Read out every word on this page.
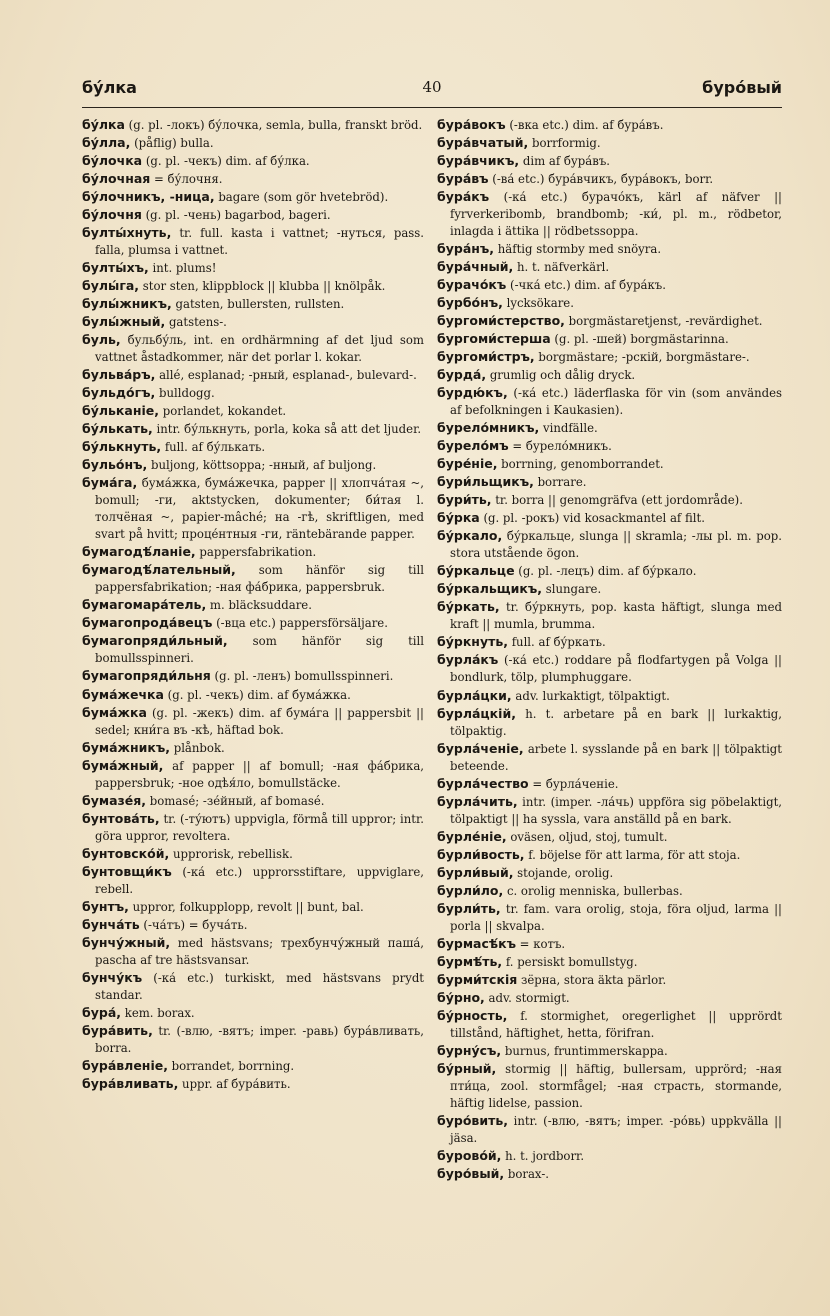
бу́лка	40	буро́вый

бу́лка (g. pl. -локъ) бу́лочка, semla, bulla, franskt bröd.

бу́лла, (påflig) bulla.

бу́лочка (g. pl. -чекъ) dim. af бу́лка.

бу́лочная = бу́лочня.

бу́лочникъ, -ница, bagare (som gör hvetebröd).

бу́лочня (g. pl. -чень) bagarbod, bageri.

булты́хнуть, tr. full. kasta i vattnet; -нуться, pass. falla, plumsa i vattnet.

булты́хъ, int. plums!

булы́га, stor sten, klippblock || klubba || knölpåk.

булы́жникъ, gatsten, bullersten, rullsten.

булы́жный, gatstens-.

буль, бульбу́ль, int. en ordhärmning af det ljud som vattnet åstadkommer, när det porlar l. kokar.

бульва́ръ, allé, esplanad; -рный, esplanad-, bulevard-.

бульдо́гъ, bulldogg.

бу́льканіе, porlandet, kokandet.

бу́лькать, intr. бу́лькнуть, porla, koka så att det ljuder.

бу́лькнуть, full. af бу́лькать.

бульо́нъ, buljong, köttsoppa; -нный, af buljong.

бума́га, бума́жка, бума́жечка, papper || хлопча́тая ~, bomull; -ги, aktstycken, dokumenter; би́тая l. толчёная ~, papier-mâché; на -гѣ, skriftligen, med svart på hvitt; проце́нтныя -ги, räntebärande papper.

бумагодѣ́ланіе, pappersfabrikation.

бумагодѣ́лательный, som hänför sig till pappersfabrikation; -ная фа́брика, pappersbruk.

бумагомара́тель, m. bläcksuddare.

бумагопрода́вецъ (-вца etc.) pappersförsäljare.

бумагопряди́льный, som hänför sig till bomullsspinneri.

бумагопряди́льня (g. pl. -ленъ) bomullsspinneri.

бума́жечка (g. pl. -чекъ) dim. af бума́жка.

бума́жка (g. pl. -жекъ) dim. af бума́га || pappersbit || sedel; кни́га въ -кѣ, häftad bok.

бума́жникъ, plånbok.

бума́жный, af papper || af bomull; -ная фа́брика, pappersbruk; -ное одѣя́ло, bomullstäcke.

бумазе́я, bomasé; -зе́йный, af bomasé.

бунтова́ть, tr. (-ту́ютъ) uppvigla, förmå till uppror; intr. göra uppror, revoltera.

бунтовско́й, upprorisk, rebellisk.

бунтовщи́къ (-ка́ etc.) upprorsstiftare, uppviglare, rebell.

бунтъ, uppror, folkupplopp, revolt || bunt, bal.

бунча́ть (-ча́тъ) = буча́ть.

бунчу́жный, med hästsvans; трехбунчу́жный паша́, pascha af tre hästsvansar.

бунчу́къ (-ка́ etc.) turkiskt, med hästsvans prydt standar.

бура́, kem. borax.

бура́вить, tr. (-влю, -вятъ; imper. -равь) бура́вливать, borra.

бура́вленіе, borrandet, borrning.

бура́вливать, uppr. af бура́вить.

бура́вокъ (-вка etc.) dim. af бура́въ.

бура́вчатый, borrformig.

бура́вчикъ, dim af бура́въ.

бура́въ (-ва́ etc.) бура́вчикъ, бура́вокъ, borr.

бура́къ (-ка́ etc.) бурачо́къ, kärl af näfver || fyrverkeribomb, brandbomb; -ки́, pl. m., rödbetor, inlagda i ättika || rödbetssoppa.

бура́нъ, häftig stormby med snöyra.

бура́чный, h. t. näfverkärl.

бурачо́къ (-чка́ etc.) dim. af бура́къ.

бурбо́нъ, lycksökare.

бургоми́стерство, borgmästaretjenst, -revärdighet.

бургоми́стерша (g. pl. -шей) borgmästarinna.

бургоми́стръ, borgmästare; -рскій, borgmästare-.

бурда́, grumlig och dålig dryck.

бурдю́къ, (-ка́ etc.) läderflaska för vin (som användes af befolkningen i Kaukasien).

бурело́мникъ, vindfälle.

бурело́мъ = бурело́мникъ.

буре́ніе, borrning, genomborrandet.

бури́льщикъ, borrare.

бури́ть, tr. borra || genomgräfva (ett jordområde).

бу́рка (g. pl. -рокъ) vid kosackmantel af filt.

бу́ркало, бу́ркальце, slunga || skramla; -лы pl. m. pop. stora utstående ögon.

бу́ркальце (g. pl. -лецъ) dim. af бу́ркало.

бу́ркальщикъ, slungare.

бу́ркать, tr. бу́ркнуть, pop. kasta häftigt, slunga med kraft || mumla, brumma.

бу́ркнуть, full. af бу́ркать.

бурла́къ (-ка́ etc.) roddare på flodfartygen på Volga || bondlurk, tölp, plumphuggare.

бурла́цки, adv. lurkaktigt, tölpaktigt.

бурла́цкій, h. t. arbetare på en bark || lurkaktig, tölpaktig.

бурла́ченіе, arbete l. sysslande på en bark || tölpaktigt beteende.

бурла́чество = бурла́ченіе.

бурла́чить, intr. (imper. -ла́чь) uppföra sig pöbelaktigt, tölpaktigt || ha syssla, vara anställd på en bark.

бурле́ніе, oväsen, oljud, stoj, tumult.

бурли́вость, f. böjelse för att larma, för att stoja.

бурли́вый, stojande, orolig.

бурли́ло, c. orolig menniska, bullerbas.

бурли́ть, tr. fam. vara orolig, stoja, föra oljud, larma || porla || skvalpa.

бурмасѣ́къ = котъ.

бурмѣ́ть, f. persiskt bomullstyg.

бурми́тскія зёрна, stora äkta pärlor.

бу́рно, adv. stormigt.

бу́рность, f. stormighet, oregerlighet || upprördt tillstånd, häftighet, hetta, förifran.

бурну́съ, burnus, fruntimmerskappa.

бу́рный, stormig || häftig, bullersam, upprörd; -ная пти́ца, zool. stormfågel; -ная страсть, stormande, häftig lidelse, passion.

буро́вить, intr. (-влю, -вятъ; imper. -ро́вь) uppkvälla || jäsa.

бурово́й, h. t. jordborr.

буро́вый, borax-.
